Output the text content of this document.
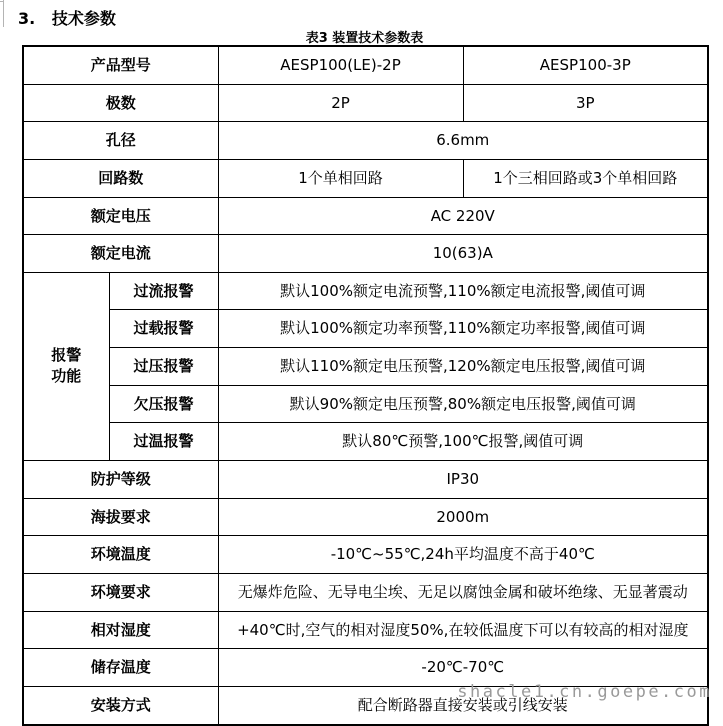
3.   技术参数
表3 装置技术参数表
产品型号		AESP100(LE)-2P	AESP100-3P
极数		2P	3P
孔径		6.6mm	
回路数		1个单相回路	1个三相回路或3个单相回路
额定电压		AC 220V	
额定电流		10(63)A	
报警功能	过流报警	默认100%额定电流预警,110%额定电流报警,阈值可调	
	过载报警	默认100%额定功率预警,110%额定功率报警,阈值可调	
	过压报警	默认110%额定电压预警,120%额定电压报警,阈值可调	
	欠压报警	默认90%额定电压预警,80%额定电压报警,阈值可调	
	过温报警	默认80℃预警,100℃报警,阈值可调	
防护等级		IP30	
海拔要求		2000m	
环境温度		-10℃~55℃,24h平均温度不高于40℃	
环境要求		无爆炸危险、无导电尘埃、无足以腐蚀金属和破坏绝缘、无显著震动	
相对湿度		+40℃时,空气的相对湿度50%,在较低温度下可以有较高的相对湿度	
储存温度		-20℃-70℃	
安装方式		配合断路器直接安装或引线安装	
shacle1.cn.goepe.com
